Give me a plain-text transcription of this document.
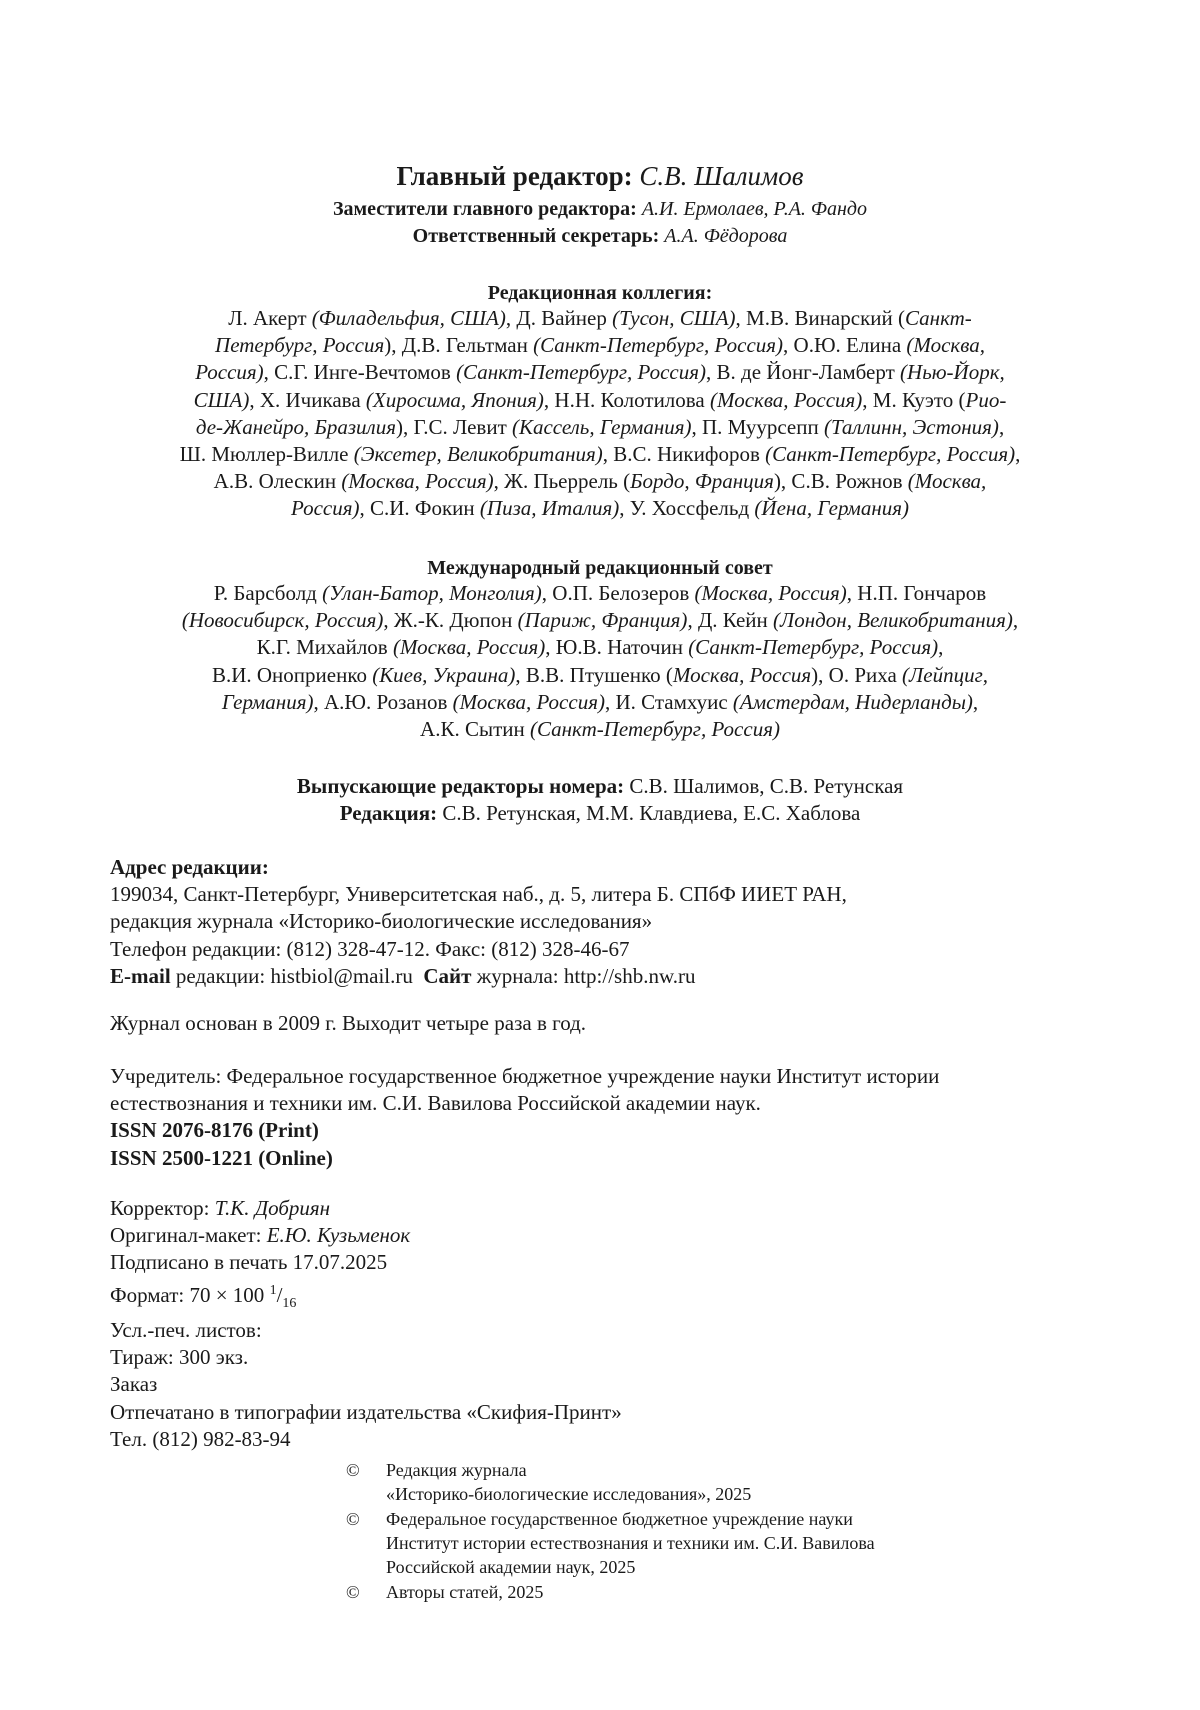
Главный редактор: С.В. Шалимов
Заместители главного редактора: А.И. Ермолаев, Р.А. Фандо
Ответственный секретарь: А.А. Фёдорова
Редакционная коллегия:
Л. Акерт (Филадельфия, США), Д. Вайнер (Тусон, США), М.В. Винарский (Санкт-
Петербург, Россия), Д.В. Гельтман (Санкт-Петербург, Россия), О.Ю. Елина (Москва,
Россия), С.Г. Инге-Вечтомов (Санкт-Петербург, Россия), В. де Йонг-Ламберт (Нью-Йорк,
США), Х. Ичикава (Хиросима, Япония), Н.Н. Колотилова (Москва, Россия), М. Куэто (Рио-
де-Жанейро, Бразилия), Г.С. Левит (Кассель, Германия), П. Муурсепп (Таллинн, Эстония),
Ш. Мюллер-Вилле (Эксетер, Великобритания), В.С. Никифоров (Санкт-Петербург, Россия),
А.В. Олескин (Москва, Россия), Ж. Пьеррель (Бордо, Франция), С.В. Рожнов (Москва,
Россия), С.И. Фокин (Пиза, Италия), У. Хоссфельд (Йена, Германия)
Международный редакционный совет
Р. Барсболд (Улан-Батор, Монголия), О.П. Белозеров (Москва, Россия), Н.П. Гончаров
(Новосибирск, Россия), Ж.-К. Дюпон (Париж, Франция), Д. Кейн (Лондон, Великобритания),
К.Г. Михайлов (Москва, Россия), Ю.В. Наточин (Санкт-Петербург, Россия),
В.И. Оноприенко (Киев, Украина), В.В. Птушенко (Москва, Россия), О. Риха (Лейпциг,
Германия), А.Ю. Розанов (Москва, Россия), И. Стамхуис (Амстердам, Нидерланды),
А.К. Сытин (Санкт-Петербург, Россия)
Выпускающие редакторы номера: С.В. Шалимов, С.В. Ретунская
Редакция: С.В. Ретунская, М.М. Клавдиева, Е.С. Хаблова
Адрес редакции:
199034, Санкт-Петербург, Университетская наб., д. 5, литера Б. СПбФ ИИЕТ РАН,
редакция журнала «Историко-биологические исследования»
Телефон редакции: (812) 328-47-12. Факс: (812) 328-46-67
E-mail редакции: histbiol@mail.ru  Сайт журнала: http://shb.nw.ru
Журнал основан в 2009 г. Выходит четыре раза в год.
Учредитель: Федеральное государственное бюджетное учреждение науки Институт истории
естествознания и техники им. С.И. Вавилова Российской академии наук.
ISSN 2076-8176 (Print)
ISSN 2500-1221 (Online)
Корректор: Т.К. Добриян
Оригинал-макет: Е.Ю. Кузьменок
Подписано в печать 17.07.2025
Формат: 70 × 100 $^1/_{16}$
Усл.-печ. листов:
Тираж: 300 экз.
Заказ
Отпечатано в типографии издательства «Скифия-Принт»
Тел. (812) 982-83-94
©	Редакция журнала
«Историко-биологические исследования», 2025
©	Федеральное государственное бюджетное учреждение науки
Институт истории естествознания и техники им. С.И. Вавилова
Российской академии наук, 2025
©	Авторы статей, 2025
